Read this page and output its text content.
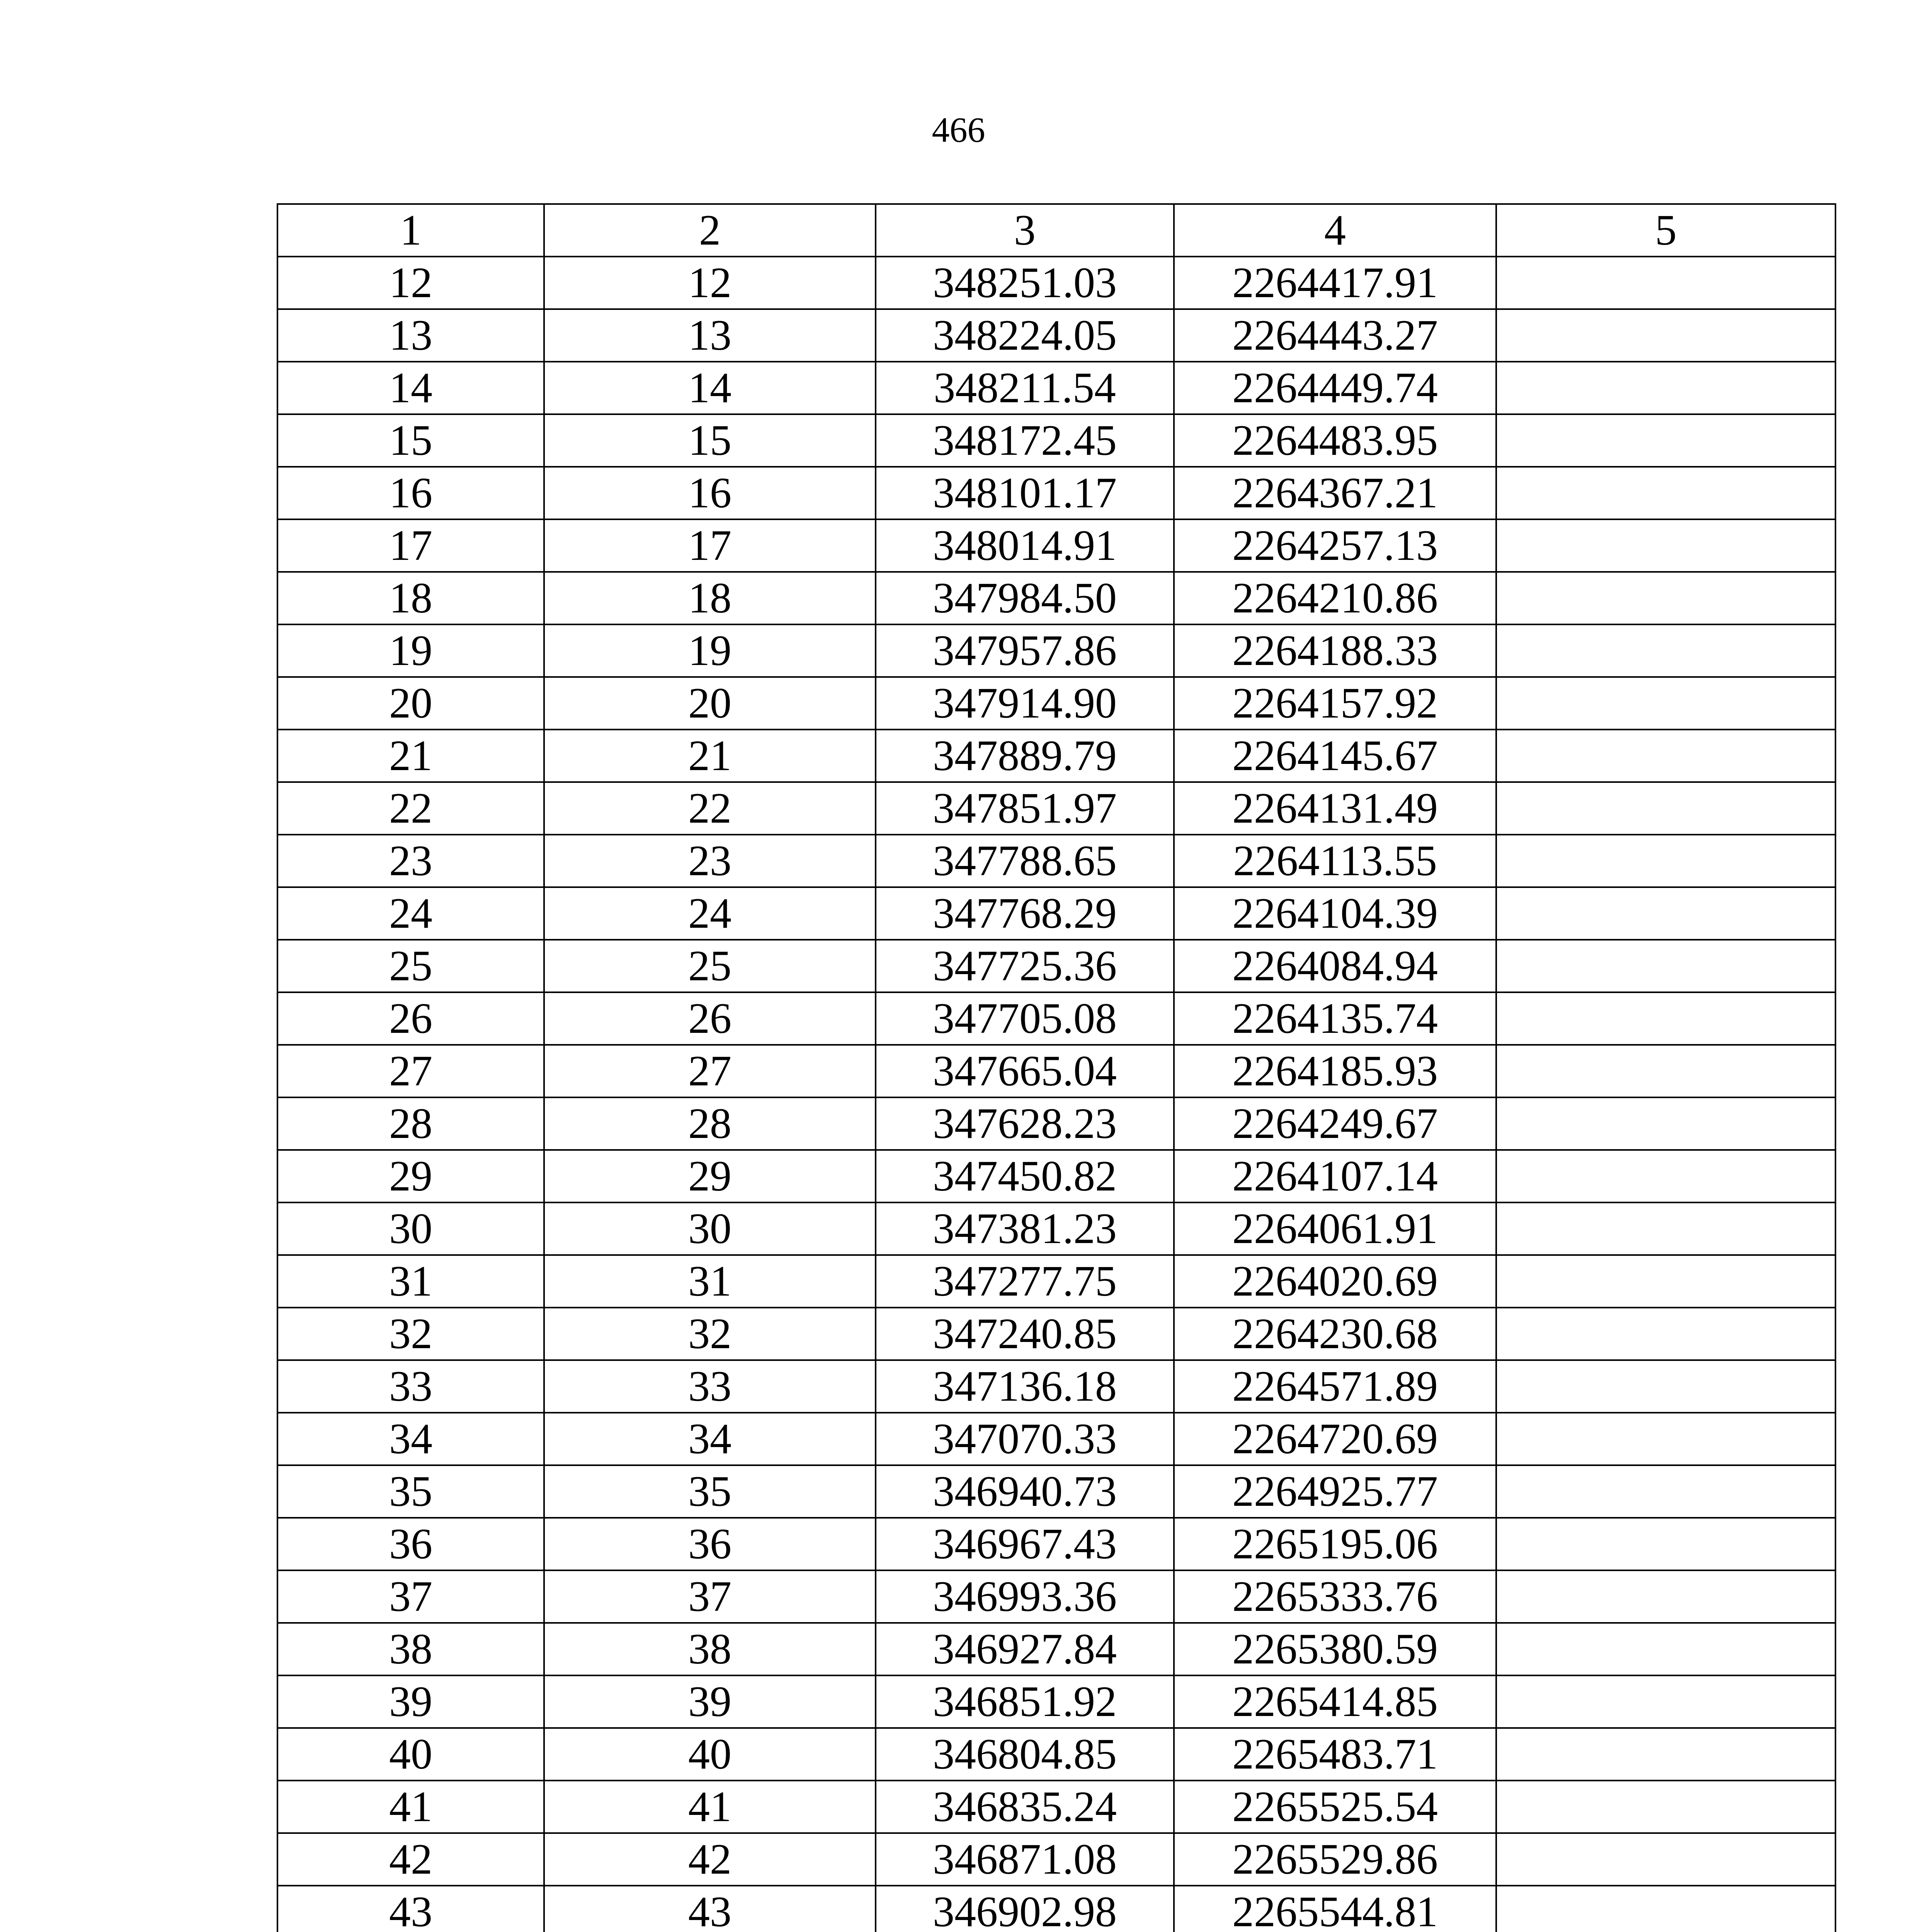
466
1	2	3	4	5
12	12	348251.03	2264417.91	
13	13	348224.05	2264443.27	
14	14	348211.54	2264449.74	
15	15	348172.45	2264483.95	
16	16	348101.17	2264367.21	
17	17	348014.91	2264257.13	
18	18	347984.50	2264210.86	
19	19	347957.86	2264188.33	
20	20	347914.90	2264157.92	
21	21	347889.79	2264145.67	
22	22	347851.97	2264131.49	
23	23	347788.65	2264113.55	
24	24	347768.29	2264104.39	
25	25	347725.36	2264084.94	
26	26	347705.08	2264135.74	
27	27	347665.04	2264185.93	
28	28	347628.23	2264249.67	
29	29	347450.82	2264107.14	
30	30	347381.23	2264061.91	
31	31	347277.75	2264020.69	
32	32	347240.85	2264230.68	
33	33	347136.18	2264571.89	
34	34	347070.33	2264720.69	
35	35	346940.73	2264925.77	
36	36	346967.43	2265195.06	
37	37	346993.36	2265333.76	
38	38	346927.84	2265380.59	
39	39	346851.92	2265414.85	
40	40	346804.85	2265483.71	
41	41	346835.24	2265525.54	
42	42	346871.08	2265529.86	
43	43	346902.98	2265544.81	
